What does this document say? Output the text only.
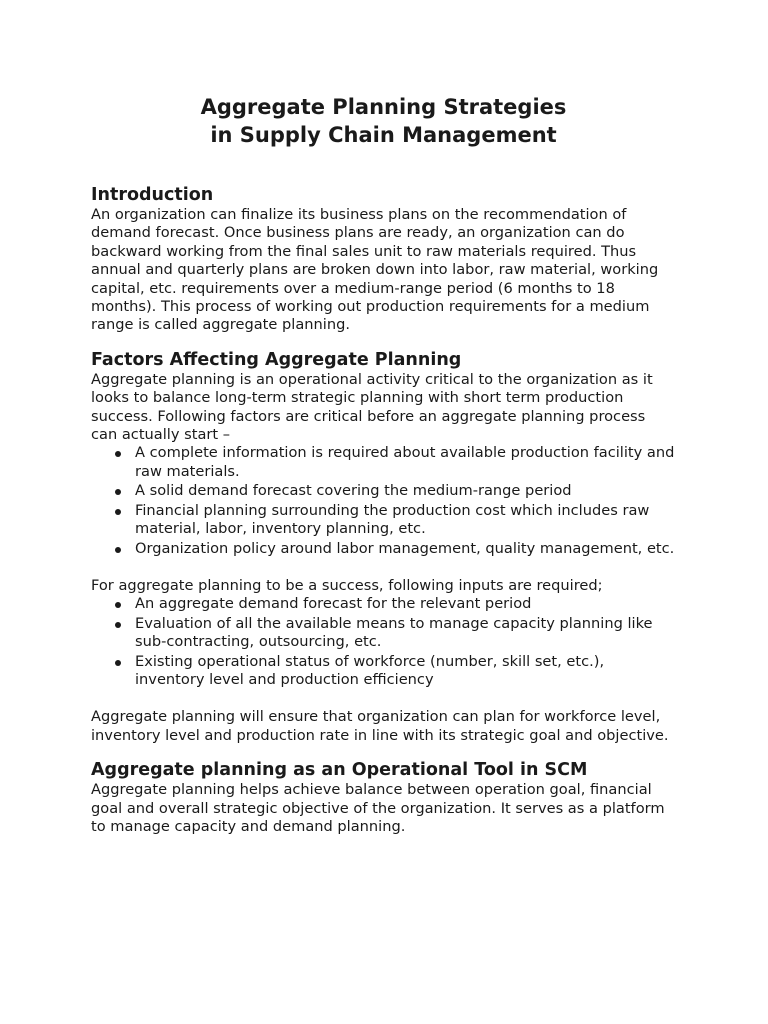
Aggregate Planning Strategies
in Supply Chain Management
Introduction

An organization can finalize its business plans on the recommendation of demand forecast. Once business plans are ready, an organization can do backward working from the final sales unit to raw materials required. Thus annual and quarterly plans are broken down into labor, raw material, working capital, etc. requirements over a medium-range period (6 months to 18 months). This process of working out production requirements for a medium range is called aggregate planning.

Factors Affecting Aggregate Planning

Aggregate planning is an operational activity critical to the organization as it looks to balance long-term strategic planning with short term production success. Following factors are critical before an aggregate planning process can actually start –

A complete information is required about available production facility and raw materials.
A solid demand forecast covering the medium-range period
Financial planning surrounding the production cost which includes raw material, labor, inventory planning, etc.
Organization policy around labor management, quality management, etc.

For aggregate planning to be a success, following inputs are required;

An aggregate demand forecast for the relevant period
Evaluation of all the available means to manage capacity planning like sub-contracting, outsourcing, etc.
Existing operational status of workforce (number, skill set, etc.), inventory level and production efficiency

Aggregate planning will ensure that organization can plan for workforce level, inventory level and production rate in line with its strategic goal and objective.

Aggregate planning as an Operational Tool in SCM

Aggregate planning helps achieve balance between operation goal, financial goal and overall strategic objective of the organization. It serves as a platform to manage capacity and demand planning.
